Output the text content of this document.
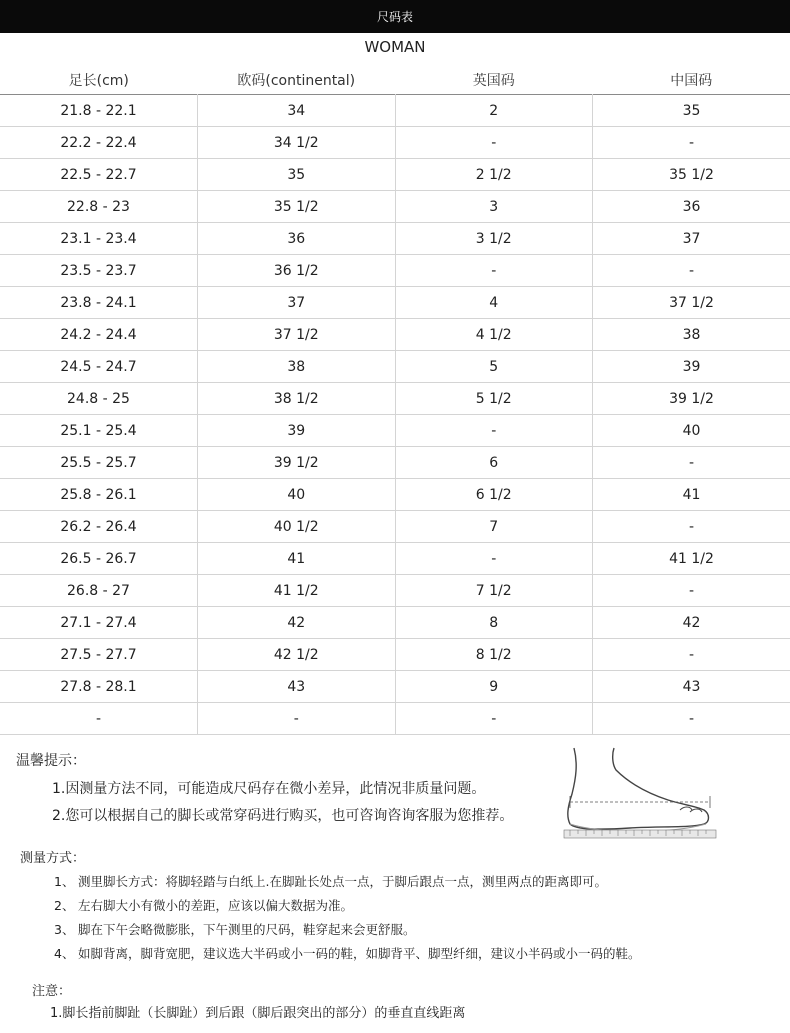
尺码表
WOMAN
足长(cm)	欧码(continental)	英国码	中国码
21.8 - 22.1	34	2	35
22.2 - 22.4	34 1/2	-	-
22.5 - 22.7	35	2 1/2	35 1/2
22.8 - 23	35 1/2	3	36
23.1 - 23.4	36	3 1/2	37
23.5 - 23.7	36 1/2	-	-
23.8 - 24.1	37	4	37 1/2
24.2 - 24.4	37 1/2	4 1/2	38
24.5 - 24.7	38	5	39
24.8 - 25	38 1/2	5 1/2	39 1/2
25.1 - 25.4	39	-	40
25.5 - 25.7	39 1/2	6	-
25.8 - 26.1	40	6 1/2	41
26.2 - 26.4	40 1/2	7	-
26.5 - 26.7	41	-	41 1/2
26.8 - 27	41 1/2	7 1/2	-
27.1 - 27.4	42	8	42
27.5 - 27.7	42 1/2	8 1/2	-
27.8 - 28.1	43	9	43
-	-	-	-
温馨提示：
1.因测量方法不同，可能造成尺码存在微小差异，此情况非质量问题。
2.您可以根据自己的脚长或常穿码进行购买，也可咨询咨询客服为您推荐。
测量方式：
1、 测里脚长方式：将脚轻踏与白纸上.在脚趾长处点一点，于脚后跟点一点，测里两点的距离即可。
2、 左右脚大小有微小的差距，应该以偏大数据为准。
3、 脚在下午会略微膨胀，下午测里的尺码，鞋穿起来会更舒服。
4、 如脚背离，脚背宽肥，建议选大半码或小一码的鞋，如脚背平、脚型纤细，建议小半码或小一码的鞋。
注意：
1.脚长指前脚趾（长脚趾）到后跟（脚后跟突出的部分）的垂直直线距离
